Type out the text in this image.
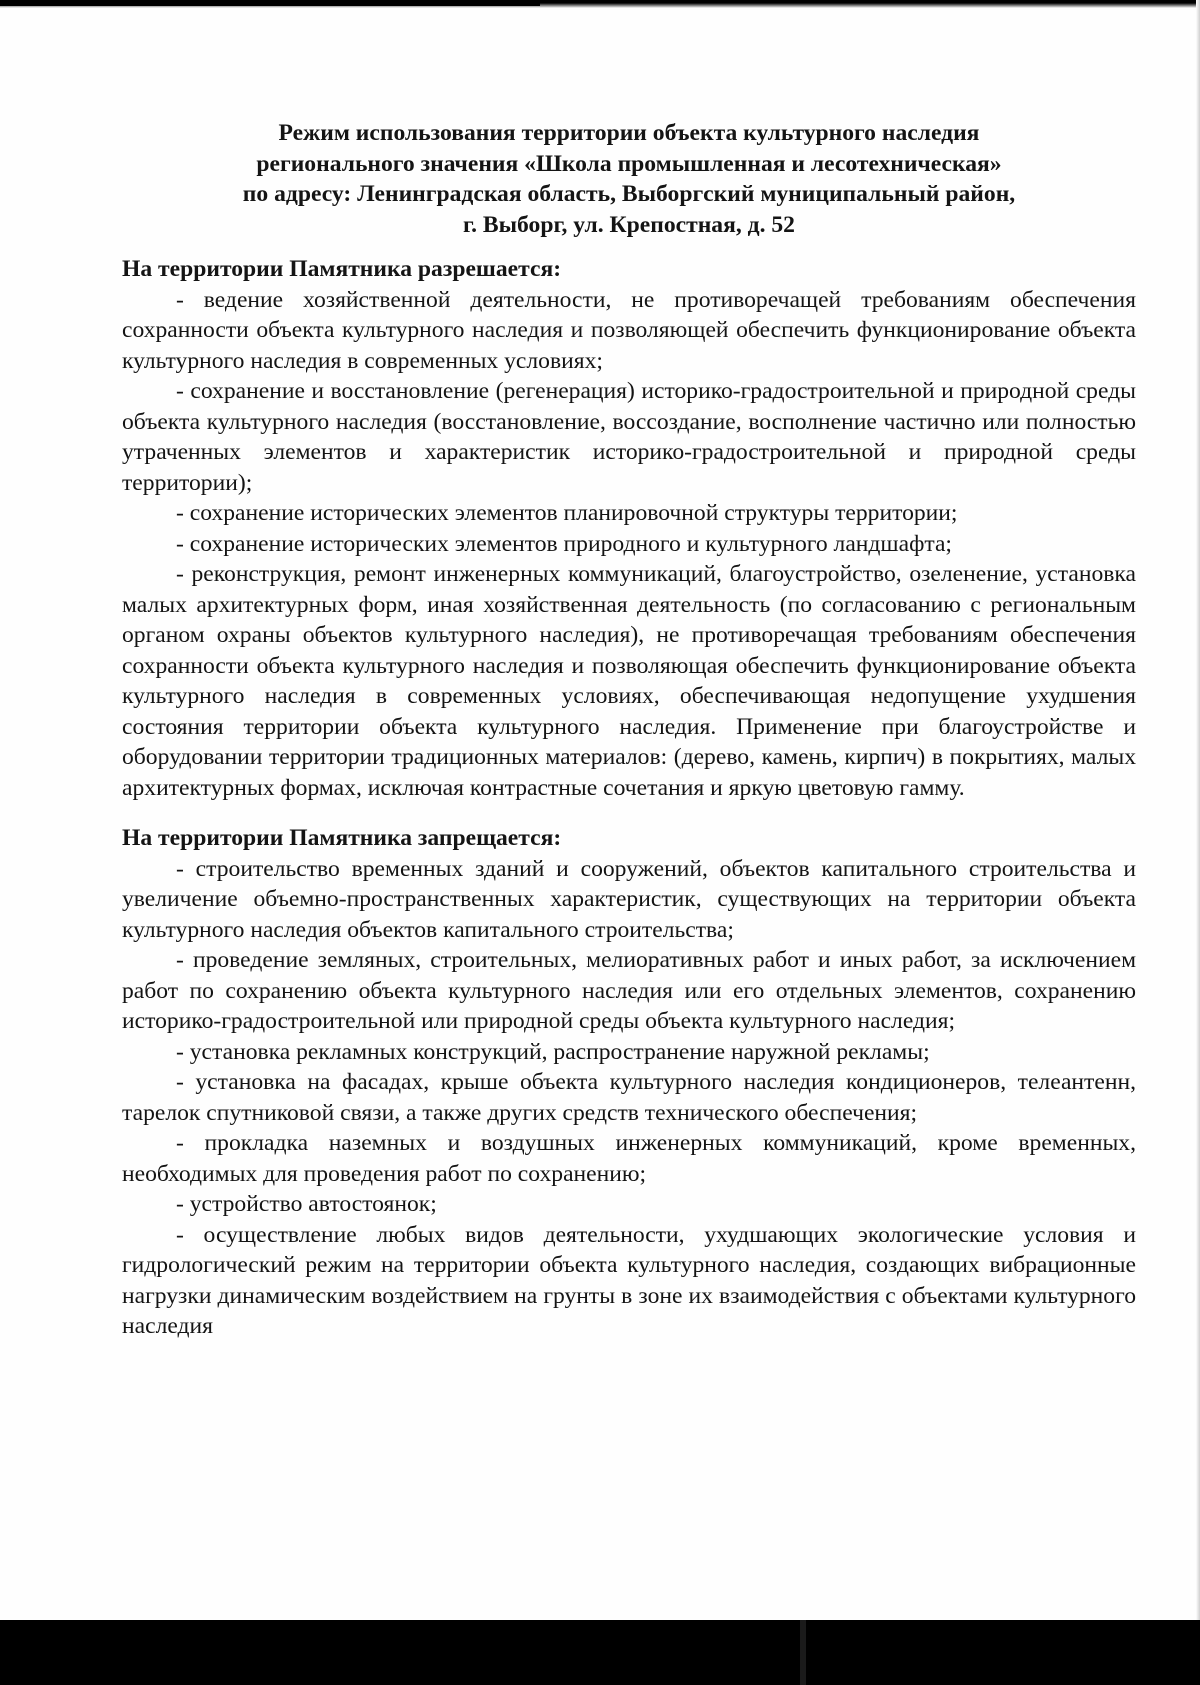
Режим использования территории объекта культурного наследия
регионального значения «Школа промышленная и лесотехническая»
по адресу: Ленинградская область, Выборгский муниципальный район,
г. Выборг, ул. Крепостная, д. 52
На территории Памятника разрешается:

- ведение хозяйственной деятельности, не противоречащей требованиям обеспечения сохранности объекта культурного наследия и позволяющей обеспечить функционирование объекта культурного наследия в современных условиях;

- сохранение и восстановление (регенерация) историко-градостроительной и природной среды объекта культурного наследия (восстановление, воссоздание, восполнение частично или полностью утраченных элементов и характеристик историко-градостроительной и природной среды территории);

- сохранение исторических элементов планировочной структуры территории;

- сохранение исторических элементов природного и культурного ландшафта;

- реконструкция, ремонт инженерных коммуникаций, благоустройство, озеленение, установка малых архитектурных форм, иная хозяйственная деятельность (по согласованию с региональным органом охраны объектов культурного наследия), не противоречащая требованиям обеспечения сохранности объекта культурного наследия и позволяющая обеспечить функционирование объекта культурного наследия в современных условиях, обеспечивающая недопущение ухудшения состояния территории объекта культурного наследия. Применение при благоустройстве и оборудовании территории традиционных материалов: (дерево, камень, кирпич) в покрытиях, малых архитектурных формах, исключая контрастные сочетания и яркую цветовую гамму.

На территории Памятника запрещается:

- строительство временных зданий и сооружений, объектов капитального строительства и увеличение объемно-пространственных характеристик, существующих на территории объекта культурного наследия объектов капитального строительства;

- проведение земляных, строительных, мелиоративных работ и иных работ, за исключением работ по сохранению объекта культурного наследия или его отдельных элементов, сохранению историко-градостроительной или природной среды объекта культурного наследия;

- установка рекламных конструкций, распространение наружной рекламы;

- установка на фасадах, крыше объекта культурного наследия кондиционеров, телеантенн, тарелок спутниковой связи, а также других средств технического обеспечения;

- прокладка наземных и воздушных инженерных коммуникаций, кроме временных, необходимых для проведения работ по сохранению;

- устройство автостоянок;

- осуществление любых видов деятельности, ухудшающих экологические условия и гидрологический режим на территории объекта культурного наследия, создающих вибрационные нагрузки динамическим воздействием на грунты в зоне их взаимодействия с объектами культурного наследия
